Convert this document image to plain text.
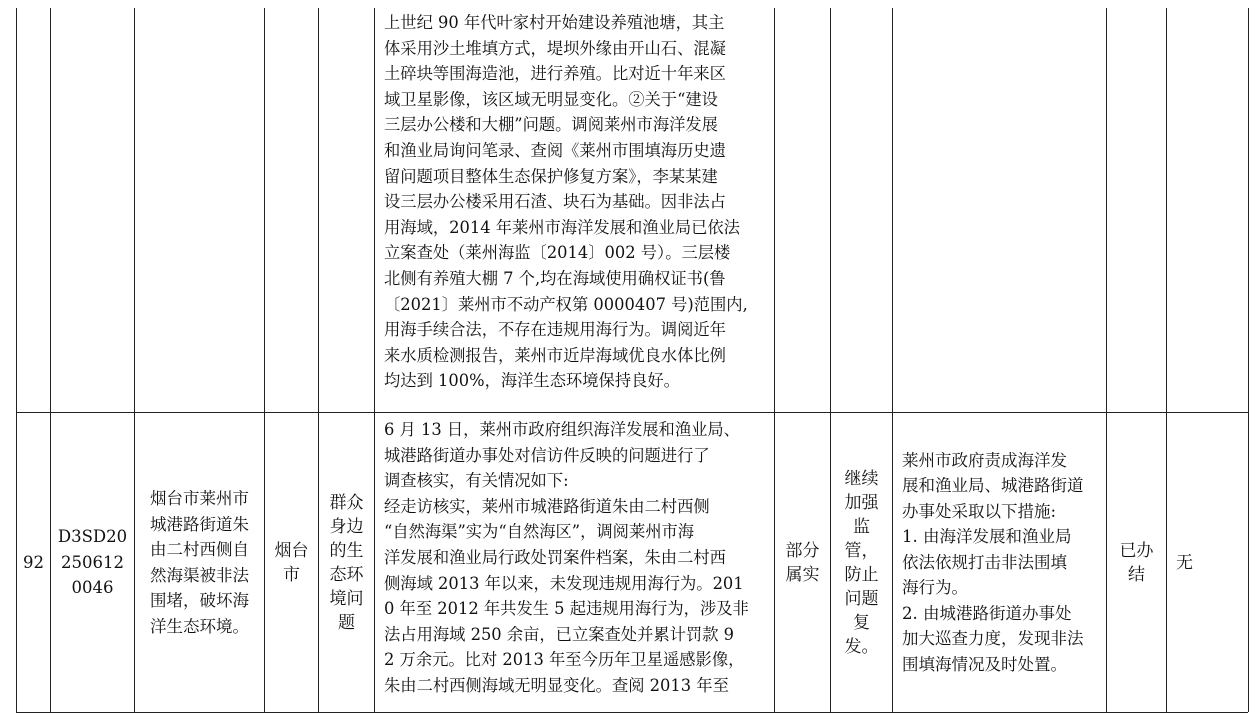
上世纪 90 年代叶家村开始建设养殖池塘，其主
体采用沙土堆填方式，堤坝外缘由开山石、混凝
土碎块等围海造池，进行养殖。比对近十年来区
域卫星影像，该区域无明显变化。②关于“建设
三层办公楼和大棚”问题。调阅莱州市海洋发展
和渔业局询问笔录、查阅《莱州市围填海历史遗
留问题项目整体生态保护修复方案》，李某某建
设三层办公楼采用石渣、块石为基础。因非法占
用海域，2014 年莱州市海洋发展和渔业局已依法
立案查处（莱州海监〔2014〕002 号）。三层楼
北侧有养殖大棚 7 个,均在海域使用确权证书(鲁
〔2021〕莱州市不动产权第 0000407 号)范围内,
用海手续合法，不存在违规用海行为。调阅近年
来水质检测报告，莱州市近岸海域优良水体比例
均达到 100%，海洋生态环境保持良好。
92
D3SD20
250612
0046
烟台市莱州市
城港路街道朱
由二村西侧自
然海渠被非法
围堵，破坏海
洋生态环境。
烟台
市
群众
身边
的生
态环
境问
题
6 月 13 日，莱州市政府组织海洋发展和渔业局、
城港路街道办事处对信访件反映的问题进行了
调查核实，有关情况如下:
经走访核实，莱州市城港路街道朱由二村西侧
“自然海渠”实为“自然海区”，调阅莱州市海
洋发展和渔业局行政处罚案件档案，朱由二村西
侧海域 2013 年以来，未发现违规用海行为。201
0 年至 2012 年共发生 5 起违规用海行为，涉及非
法占用海域 250 余亩，已立案查处并累计罚款 9
2 万余元。比对 2013 年至今历年卫星遥感影像，
朱由二村西侧海域无明显变化。查阅 2013 年至
部分
属实
继续
加强
监
管，
防止
问题
复
发。
莱州市政府责成海洋发
展和渔业局、城港路街道
办事处采取以下措施:
1. 由海洋发展和渔业局
依法依规打击非法围填
海行为。
2. 由城港路街道办事处
加大巡查力度，发现非法
围填海情况及时处置。
已办
结
无
